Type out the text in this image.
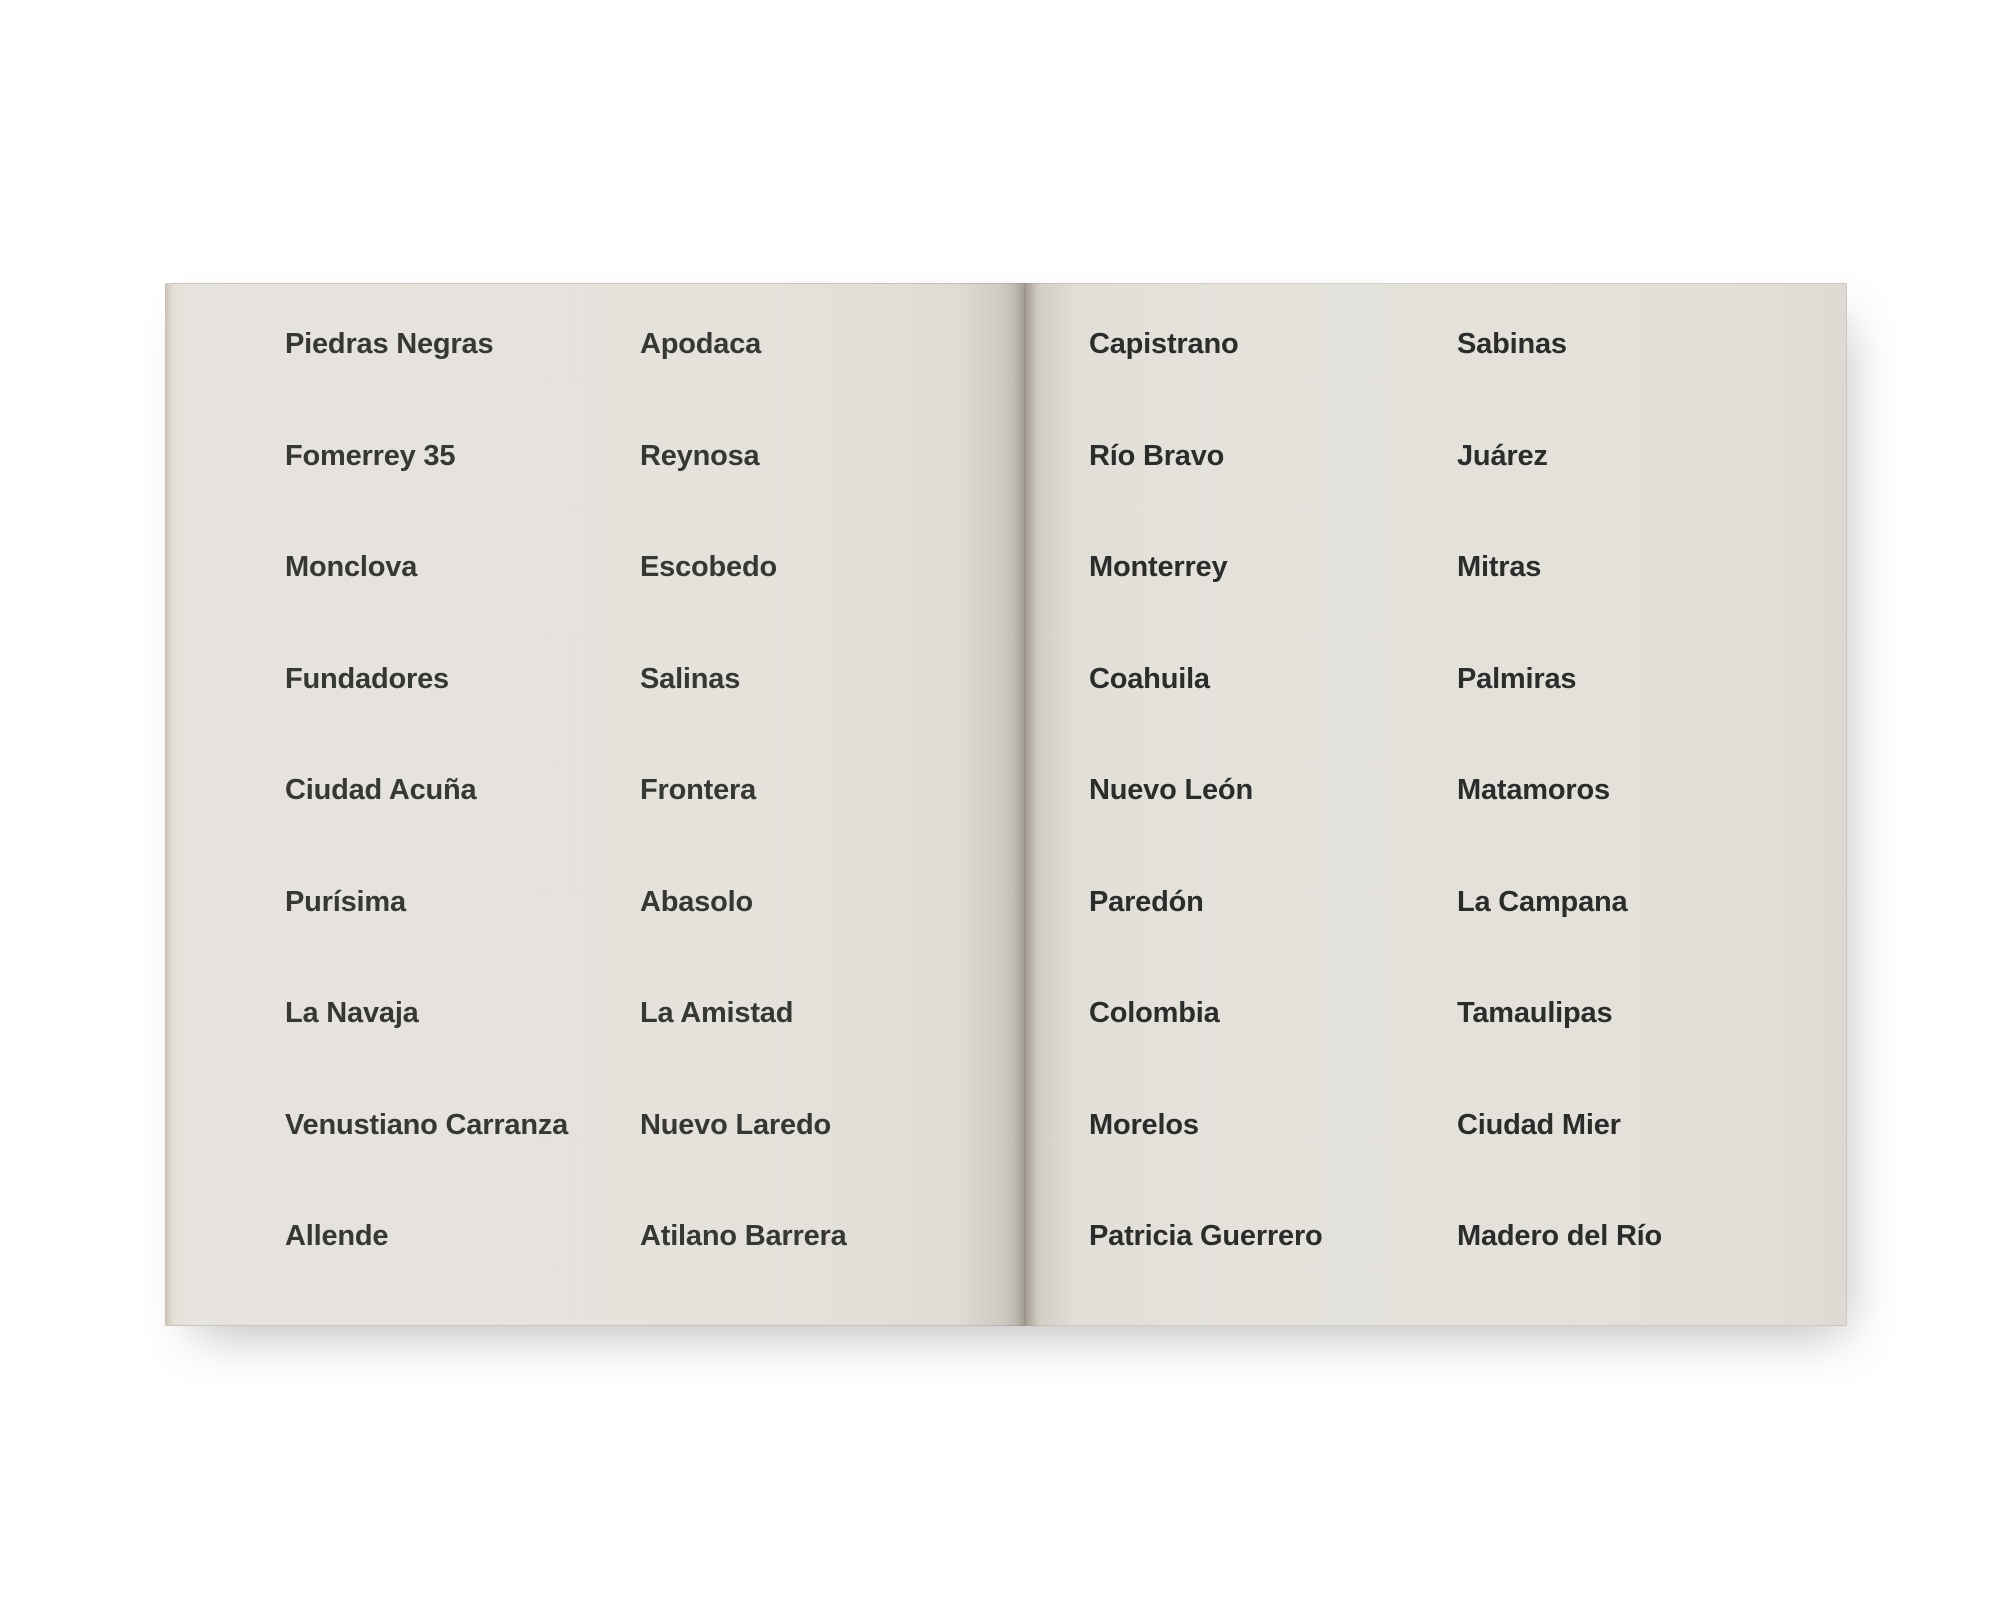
Piedras Negras
Fomerrey 35
Monclova
Fundadores
Ciudad Acuña
Purísima
La Navaja
Venustiano Carranza
Allende
Apodaca
Reynosa
Escobedo
Salinas
Frontera
Abasolo
La Amistad
Nuevo Laredo
Atilano Barrera
Capistrano
Río Bravo
Monterrey
Coahuila
Nuevo León
Paredón
Colombia
Morelos
Patricia Guerrero
Sabinas
Juárez
Mitras
Palmiras
Matamoros
La Campana
Tamaulipas
Ciudad Mier
Madero del Río
